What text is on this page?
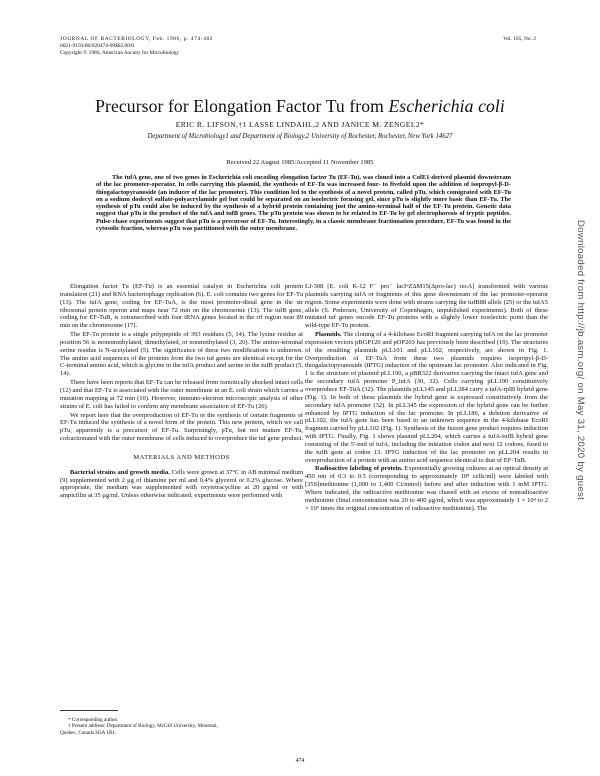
JOURNAL OF BACTERIOLOGY, Feb. 1986, p. 474-482
0021-9193/86/020474-09$02.00/0
Copyright © 1986, American Society for Microbiology
Vol. 165, No. 2
Precursor for Elongation Factor Tu from Escherichia coli
ERIC R. LIFSON,†1 LASSE LINDAHL,2 AND JANICE M. ZENGEL2*
Department of Microbiology1 and Department of Biology,2 University of Rochester, Rochester, New York 14627
Received 22 August 1985/Accepted 11 November 1985
The tufA gene, one of two genes in Escherichia coli encoding elongation factor Tu (EF-Tu), was cloned into a ColE1-derived plasmid downstream of the lac promoter-operator. In cells carrying this plasmid, the synthesis of EF-Tu was increased four- to fivefold upon the addition of isopropyl-β-D-thiogalactopyranoside (an inducer of the lac promoter). This condition led to the synthesis of a novel protein, called pTu, which comigrated with EF-Tu on a sodium dodecyl sulfate-polyacrylamide gel but could be separated on an isoelectric focusing gel, since pTu is slightly more basic than EF-Tu. The synthesis of pTu could also be induced by the synthesis of a hybrid protein containing just the amino-terminal half of the EF-Tu protein. Genetic data suggest that pTu is the product of the tufA and tufB genes. The pTu protein was shown to be related to EF-Tu by gel electrophoresis of tryptic peptides. Pulse-chase experiments suggest that pTu is a precursor of EF-Tu. Interestingly, in a classic membrane fractionation procedure, EF-Tu was found in the cytosolic fraction, whereas pTu was partitioned with the outer membrane.

Elongation factor Tu (EF-Tu) is an essential catalyst in Escherichia coli protein translation (21) and RNA bacteriophage replication (6). E. coli contains two genes for EF-Tu (13). The tufA gene, coding for EF-TuA, is the most promoter-distal gene in the str ribosomal protein operon and maps near 72 min on the chromosome (13). The tufB gene, coding for EF-TuB, is cotranscribed with four tRNA genes located in the rif region near 89 min on the chromosome (17).

The EF-Tu protein is a single polypeptide of 393 residues (5, 14). The lysine residue at position 56 is monomethylated, dimethylated, or nonmethylated (3, 20). The amino-terminal serine residue is N-acetylated (5). The significance of these two modifications is unknown. The amino acid sequences of the proteins from the two tuf genes are identical except for the C-terminal amino acid, which is glycine in the tufA product and serine in the tufB product (5, 14).

There have been reports that EF-Tu can be released from osmotically shocked intact cells (12) and that EF-Tu is associated with the outer membrane in an E. coli strain which carries a mutation mapping at 72 min (10). However, immuno-electron microscopic analysis of other strains of E. coli has failed to confirm any membrane association of EF-Tu (26).

We report here that the overproduction of EF-Tu or the synthesis of certain fragments of EF-Tu induced the synthesis of a novel form of the protein. This new protein, which we call pTu, apparently is a precursor of EF-Tu. Surprisingly, pTu, but not mature EF-Tu, cofractionated with the outer membrane of cells induced to overproduce the tuf gene product.

MATERIALS AND METHODS

Bacterial strains and growth media. Cells were grown at 37°C in AB minimal medium (9) supplemented with 2 μg of thiamine per ml and 0.4% glycerol or 0.2% glucose. Where appropriate, the medium was supplemented with oxytetracycline at 20 μg/ml or with ampicillin at 35 μg/ml. Unless otherwise indicated, experiments were performed with

* Corresponding author.

† Present address: Department of Biology, McGill University, Montreal, Quebec, Canada H3A 1B1.

LJ-308 [E. coli K-12 F⁻ pro⁻ lacIᵠZΔM15(Δpro-lac) recA] transformed with various plasmids carrying tufA or fragments of this gene downstream of the lac promoter-operator region. Some experiments were done with strains carrying the tufB88 allele (25) or the tufA5 allele (S. Pedersen, University of Copenhagen, unpublished experiments). Both of these mutated tuf genes encode EF-Tu proteins with a slightly lower isoelectric point than the wild-type EF-Tu protein.

Plasmids. The cloning of a 4-kilobase EcoRI fragment carrying tufA on the lac promoter expression vectors pBGP120 and pOP203 has previously been described (19). The structures of the resulting plasmids pLL101 and pLL102, respectively, are shown in Fig. 1. Overproduction of EF-TuA from these two plasmids requires isopropyl-β-D-thiogalactopyranoside (IPTG) induction of the upstream lac promoter. Also indicated in Fig. 1 is the structure of plasmid pLL190, a pBR322 derivative carrying the intact tufA gene and the secondary tufA promoter P_tufA (30, 32). Cells carrying pLL190 constitutively overproduce EF-TuA (32). The plasmids pLL145 and pLL384 carry a tufA-rplB hybrid gene (Fig. 1). In both of these plasmids the hybrid gene is expressed constitutively from the secondary tufA promoter (32). In pLL345 the expression of the hybrid gene can be further enhanced by IPTG induction of the lac promoter. In pLL186, a deletion derivative of pLL102, the tufA gene has been fused to an unknown sequence in the 4-kilobase EcoRI fragment carried by pLL102 (Fig. 1). Synthesis of the fusion gene product requires induction with IPTG. Finally, Fig. 1 shows plasmid pLL204, which carries a tufA-tufB hybrid gene consisting of the 5'-end of tufA, including the initiation codon and next 12 codons, fused to the tufB gene at codon 13. IPTG induction of the lac promoter on pLL204 results in overproduction of a protein with an amino acid sequence identical to that of EF-TuB.

Radioactive labeling of protein. Exponentially growing cultures at an optical density at 450 nm of 0.3 to 0.5 (corresponding to approximately 10⁸ cells/ml) were labeled with [35S]methionine (1,000 to 1,400 Ci/mmol) before and after induction with 1 mM IPTG. Where indicated, the radioactive methionine was chased with an excess of nonradioactive methionine (final concentration was 20 to 400 μg/ml, which was approximately 1 × 10⁴ to 2 × 10⁵ times the original concentration of radioactive methionine). The

474
Downloaded from http://jb.asm.org/ on May 31, 2020 by guest
